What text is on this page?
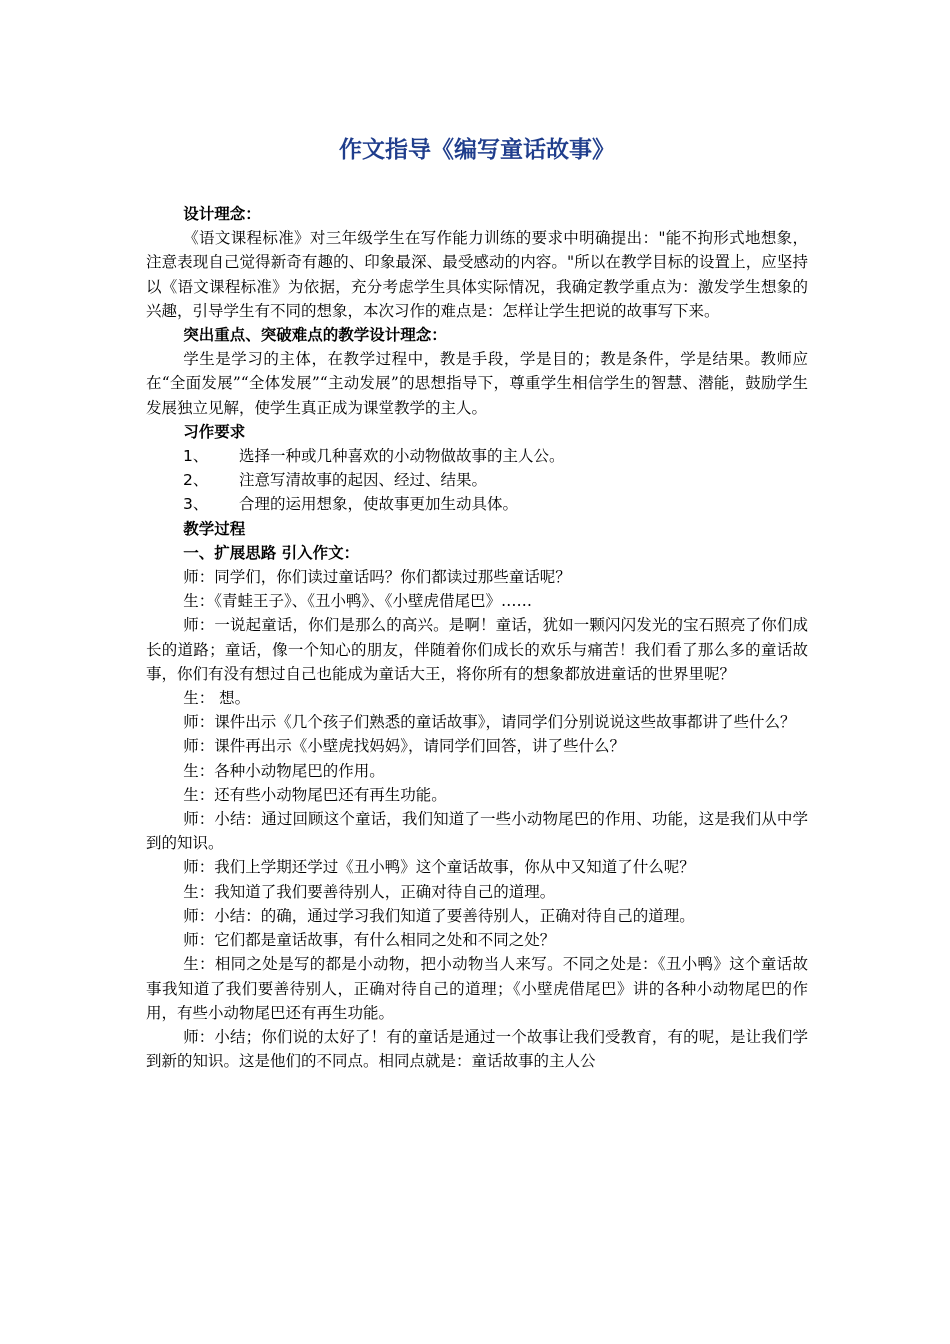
作文指导《编写童话故事》

设计理念：

《语文课程标准》对三年级学生在写作能力训练的要求中明确提出："能不拘形式地想象，注意表现自己觉得新奇有趣的、印象最深、最受感动的内容。"所以在教学目标的设置上，应坚持以《语文课程标准》为依据，充分考虑学生具体实际情况，我确定教学重点为：激发学生想象的兴趣，引导学生有不同的想象，本次习作的难点是：怎样让学生把说的故事写下来。

突出重点、突破难点的教学设计理念：

学生是学习的主体，在教学过程中，教是手段，学是目的；教是条件，学是结果。教师应在“全面发展”“全体发展”“主动发展”的思想指导下，尊重学生相信学生的智慧、潜能，鼓励学生发展独立见解，使学生真正成为课堂教学的主人。

习作要求

1、	选择一种或几种喜欢的小动物做故事的主人公。

2、	注意写清故事的起因、经过、结果。

3、	合理的运用想象，使故事更加生动具体。

教学过程

一、扩展思路 引入作文：

师：同学们，你们读过童话吗？你们都读过那些童话呢？

生：《青蛙王子》、《丑小鸭》、《小壁虎借尾巴》……

师：一说起童话，你们是那么的高兴。是啊！童话，犹如一颗闪闪发光的宝石照亮了你们成长的道路；童话，像一个知心的朋友，伴随着你们成长的欢乐与痛苦！我们看了那么多的童话故事，你们有没有想过自己也能成为童话大王，将你所有的想象都放进童话的世界里呢？

生： 想。

师：课件出示《几个孩子们熟悉的童话故事》，请同学们分别说说这些故事都讲了些什么？

师：课件再出示《小壁虎找妈妈》，请同学们回答，讲了些什么？

生：各种小动物尾巴的作用。

生：还有些小动物尾巴还有再生功能。

师：小结：通过回顾这个童话，我们知道了一些小动物尾巴的作用、功能，这是我们从中学到的知识。

师：我们上学期还学过《丑小鸭》这个童话故事，你从中又知道了什么呢？

生：我知道了我们要善待别人，正确对待自己的道理。

师：小结：的确，通过学习我们知道了要善待别人，正确对待自己的道理。

师：它们都是童话故事，有什么相同之处和不同之处？

生：相同之处是写的都是小动物，把小动物当人来写。不同之处是：《丑小鸭》这个童话故事我知道了我们要善待别人，正确对待自己的道理；《小壁虎借尾巴》讲的各种小动物尾巴的作用，有些小动物尾巴还有再生功能。

师：小结；你们说的太好了！有的童话是通过一个故事让我们受教育，有的呢，是让我们学到新的知识。这是他们的不同点。相同点就是：童话故事的主人公
